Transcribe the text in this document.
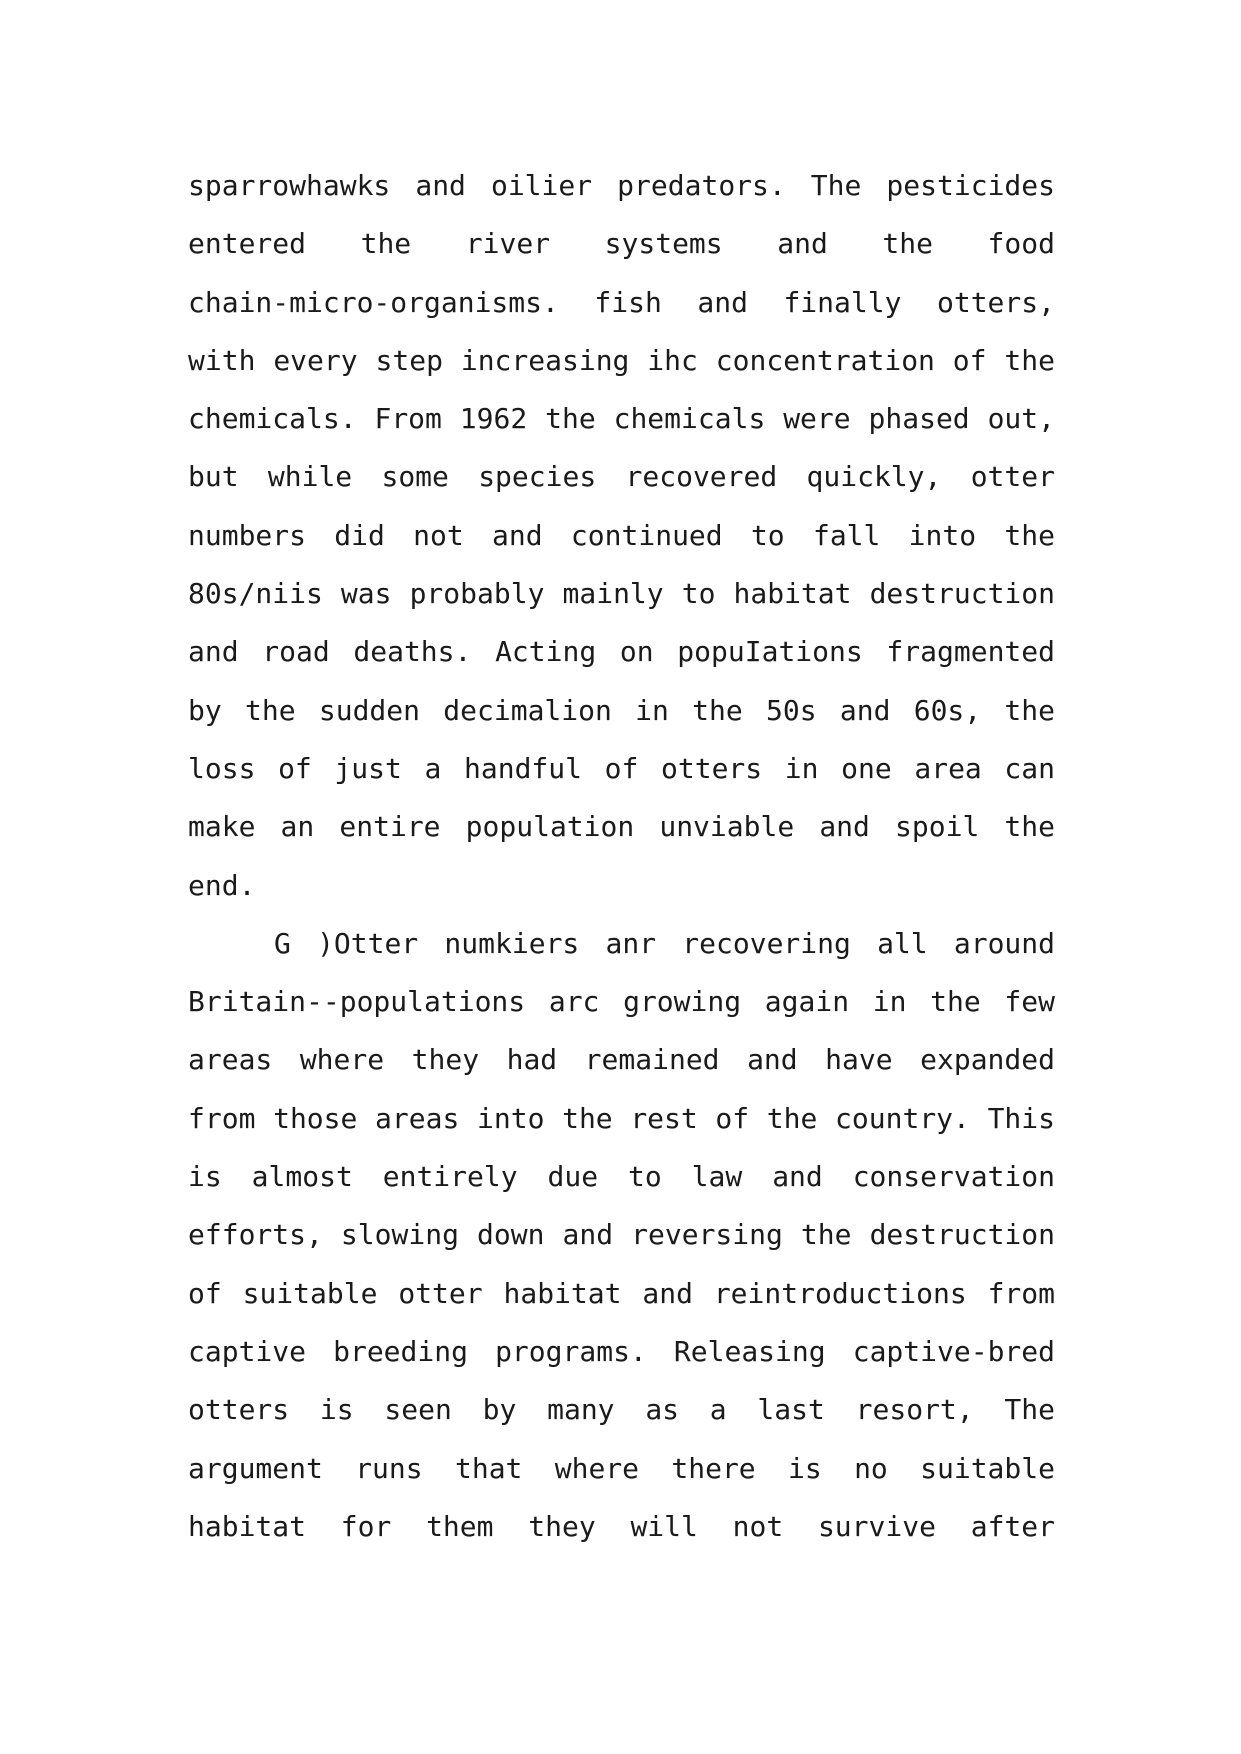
sparrowhawks and oilier predators. The pesticides
entered the river systems and the food
chain-micro-organisms. fish and finally otters,
with every step increasing ihc concentration of the
chemicals. From 1962 the chemicals were phased out,
but while some species recovered quickly, otter
numbers did not and continued to fall into the
80s/niis was probably mainly to habitat destruction
and road deaths. Acting on popuIations fragmented
by the sudden decimalion in the 50s and 60s, the
loss of just a handful of otters in one area can
make an entire population unviable and spoil the
end.
G )Otter numkiers anr recovering all around
Britain--populations arc growing again in the few
areas where they had remained and have expanded
from those areas into the rest of the country. This
is almost entirely due to law and conservation
efforts, slowing down and reversing the destruction
of suitable otter habitat and reintroductions from
captive breeding programs. Releasing captive-bred
otters is seen by many as a last resort, The
argument runs that where there is no suitable
habitat for them they will not survive after
